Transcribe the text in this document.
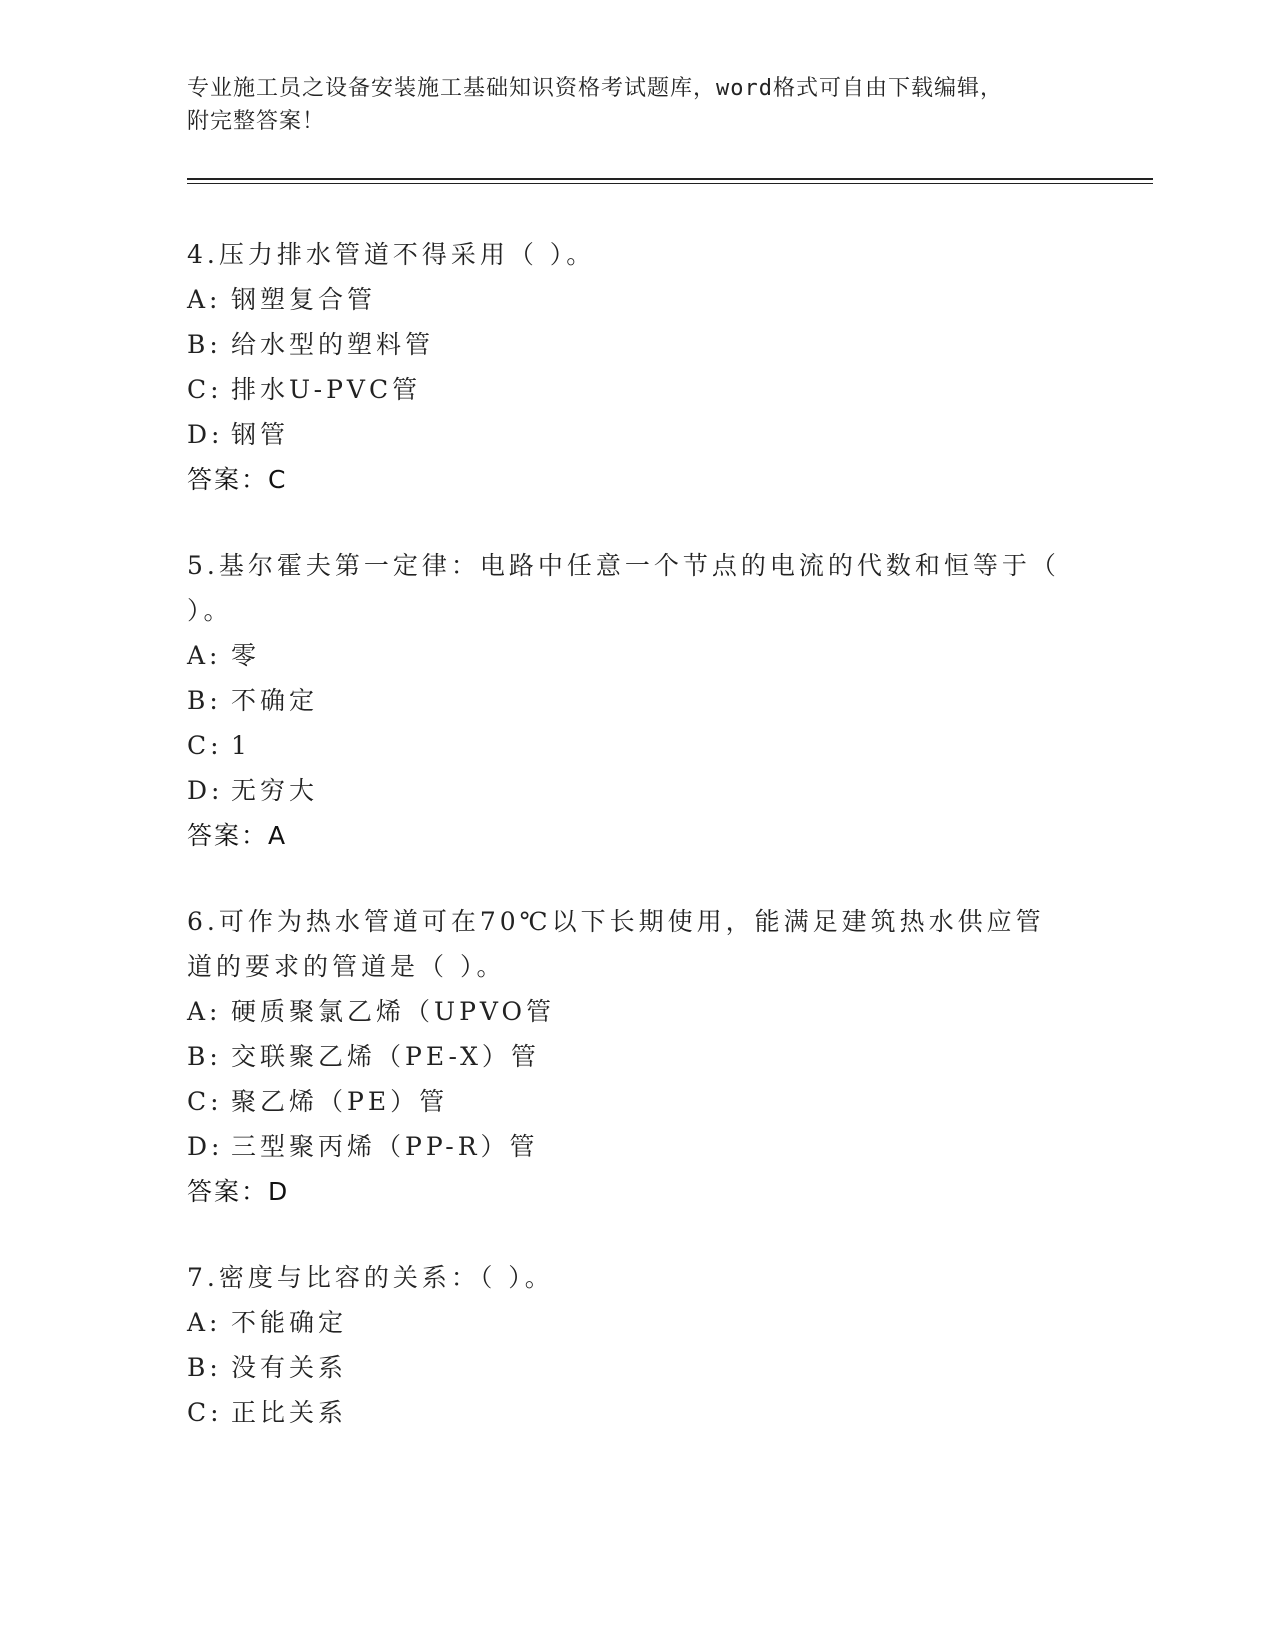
专业施工员之设备安装施工基础知识资格考试题库，word格式可自由下载编辑，
附完整答案！
4.压力排水管道不得采用（ ）。
A: 钢塑复合管
B: 给水型的塑料管
C: 排水U-PVC管
D: 钢管
答案：C
5.基尔霍夫第一定律：电路中任意一个节点的电流的代数和恒等于（ ）。
A: 零
B: 不确定
C: 1
D: 无穷大
答案：A
6.可作为热水管道可在70℃以下长期使用，能满足建筑热水供应管道的要求的管道是（ ）。
A: 硬质聚氯乙烯（UPVO管
B: 交联聚乙烯（PE-X）管
C: 聚乙烯（PE）管
D: 三型聚丙烯（PP-R）管
答案：D
7.密度与比容的关系：（ ）。
A: 不能确定
B: 没有关系
C: 正比关系
